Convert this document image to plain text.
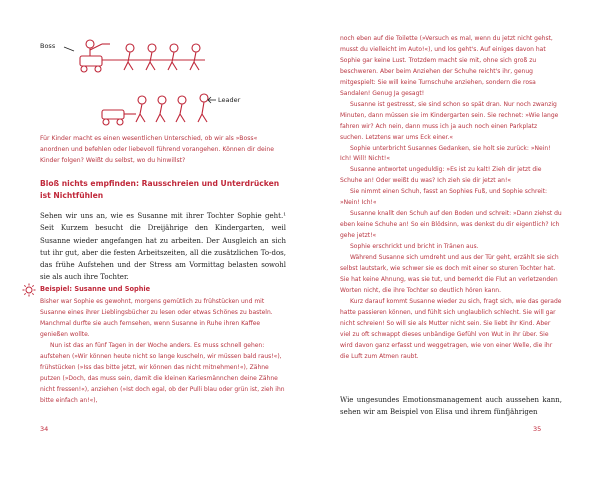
Boss
Leader
Für Kinder macht es einen wesentlichen Unterschied, ob wir als »Boss« anordnen und befehlen oder liebevoll führend vorangehen. Können dir deine Kinder folgen? Weißt du selbst, wo du hinwillst?
Bloß nichts empfinden: Rausschreien und Unterdrücken ist Nichtfühlen
Sehen wir uns an, wie es Susanne mit ihrer Tochter Sophie geht.¹ Seit Kurzem besucht die Dreijährige den Kindergarten, weil Susanne wieder angefangen hat zu arbeiten. Der Ausgleich an sich tut ihr gut, aber die festen Arbeitszeiten, all die zusätzlichen To-dos, das frühe Aufstehen und der Stress am Vormittag belasten sowohl sie als auch ihre Tochter.
Beispiel: Susanne und Sophie
Bisher war Sophie es gewohnt, morgens gemütlich zu frühstücken und mit Susanne eines ihrer Lieblingsbücher zu lesen oder etwas Schönes zu basteln. Manchmal durfte sie auch fernsehen, wenn Susanne in Ruhe ihren Kaffee genießen wollte.
Nun ist das an fünf Tagen in der Woche anders. Es muss schnell gehen: aufstehen (»Wir können heute nicht so lange kuscheln, wir müssen bald raus!«), frühstücken (»Iss das bitte jetzt, wir können das nicht mitnehmen!«), Zähne putzen (»Doch, das muss sein, damit die kleinen Kariesmännchen deine Zähne nicht fressen!«), anziehen (»Ist doch egal, ob der Pulli blau oder grün ist, zieh ihn bitte einfach an!«),
34
noch eben auf die Toilette (»Versuch es mal, wenn du jetzt nicht gehst, musst du vielleicht im Auto!«), und los geht's. Auf einiges davon hat Sophie gar keine Lust. Trotzdem macht sie mit, ohne sich groß zu beschweren. Aber beim Anziehen der Schuhe reicht's ihr, genug mitgespielt: Sie will keine Turnschuhe anziehen, sondern die rosa Sandalen! Genug Ja gesagt!
Susanne ist gestresst, sie sind schon so spät dran. Nur noch zwanzig Minuten, dann müssen sie im Kindergarten sein. Sie rechnet: »Wie lange fahren wir? Ach nein, dann muss ich ja auch noch einen Parkplatz suchen. Letztens war ums Eck einer.«
Sophie unterbricht Susannes Gedanken, sie holt sie zurück: »Nein! Ich! Will! Nicht!«
Susanne antwortet ungeduldig: »Es ist zu kalt! Zieh dir jetzt die Schuhe an! Oder weißt du was? Ich zieh sie dir jetzt an!«
Sie nimmt einen Schuh, fasst an Sophies Fuß, und Sophie schreit: »Nein! Ich!«
Susanne knallt den Schuh auf den Boden und schreit: »Dann ziehst du eben keine Schuhe an! So ein Blödsinn, was denkst du dir eigentlich? Ich gehe jetzt!«
Sophie erschrickt und bricht in Tränen aus.
Während Susanne sich umdreht und aus der Tür geht, erzählt sie sich selbst lautstark, wie schwer sie es doch mit einer so sturen Tochter hat. Sie hat keine Ahnung, was sie tut, und bemerkt die Flut an verletzenden Worten nicht, die ihre Tochter so deutlich hören kann.
Kurz darauf kommt Susanne wieder zu sich, fragt sich, wie das gerade hatte passieren können, und fühlt sich unglaublich schlecht. Sie will gar nicht schreien! So will sie als Mutter nicht sein. Sie liebt ihr Kind. Aber viel zu oft schwappt dieses unbändige Gefühl von Wut in ihr über. Sie wird davon ganz erfasst und weggetragen, wie von einer Welle, die ihr die Luft zum Atmen raubt.
Wie ungesundes Emotionsmanagement auch aussehen kann, sehen wir am Beispiel von Elisa und ihrem fünfjährigen
35
